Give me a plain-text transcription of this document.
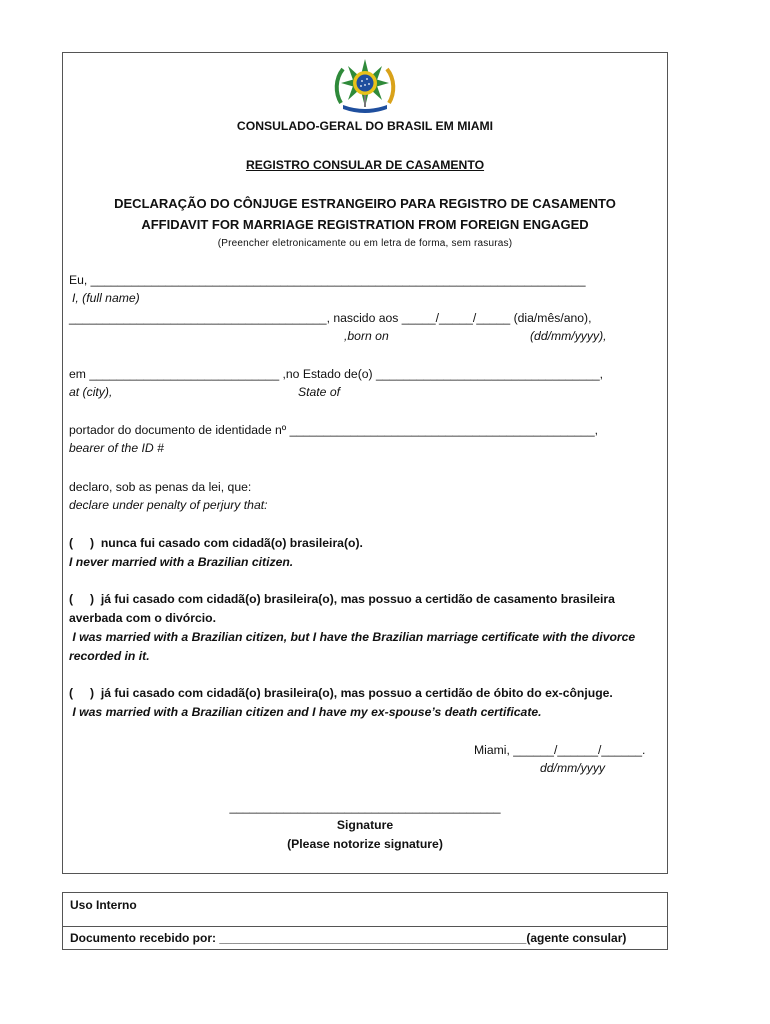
CONSULADO-GERAL DO BRASIL EM MIAMI
REGISTRO CONSULAR DE CASAMENTO
DECLARAÇÃO DO CÔNJUGE ESTRANGEIRO PARA REGISTRO DE CASAMENTO
AFFIDAVIT FOR MARRIAGE REGISTRATION FROM FOREIGN ENGAGED
(Preencher eletronicamente ou em letra de forma, sem rasuras)
Eu, _________________________________________________________________________
I, (full name)
______________________________________, nascido aos _____/_____/_____ (dia/mês/ano),
,born on	(dd/mm/yyyy),
em ____________________________ ,no Estado de(o) _________________________________,
at (city),	State of
portador do documento de identidade nº _____________________________________________,
bearer of the ID #
declaro, sob as penas da lei, que:
declare under penalty of perjury that:
(     )  nunca fui casado com cidadã(o) brasileira(o).
I never married with a Brazilian citizen.
(     )  já fui casado com cidadã(o) brasileira(o), mas possuo a certidão de casamento brasileira
averbada com o divórcio.
I was married with a Brazilian citizen, but I have the Brazilian marriage certificate with the divorce
recorded in it.
(     )  já fui casado com cidadã(o) brasileira(o), mas possuo a certidão de óbito do ex-cônjuge.
I was married with a Brazilian citizen and I have my ex-spouse’s death certificate.
Miami, ______/______/______.
dd/mm/yyyy
________________________________________
Signature
(Please notorize signature)
Uso Interno
Documento recebido por: ______________________________________________(agente consular)
